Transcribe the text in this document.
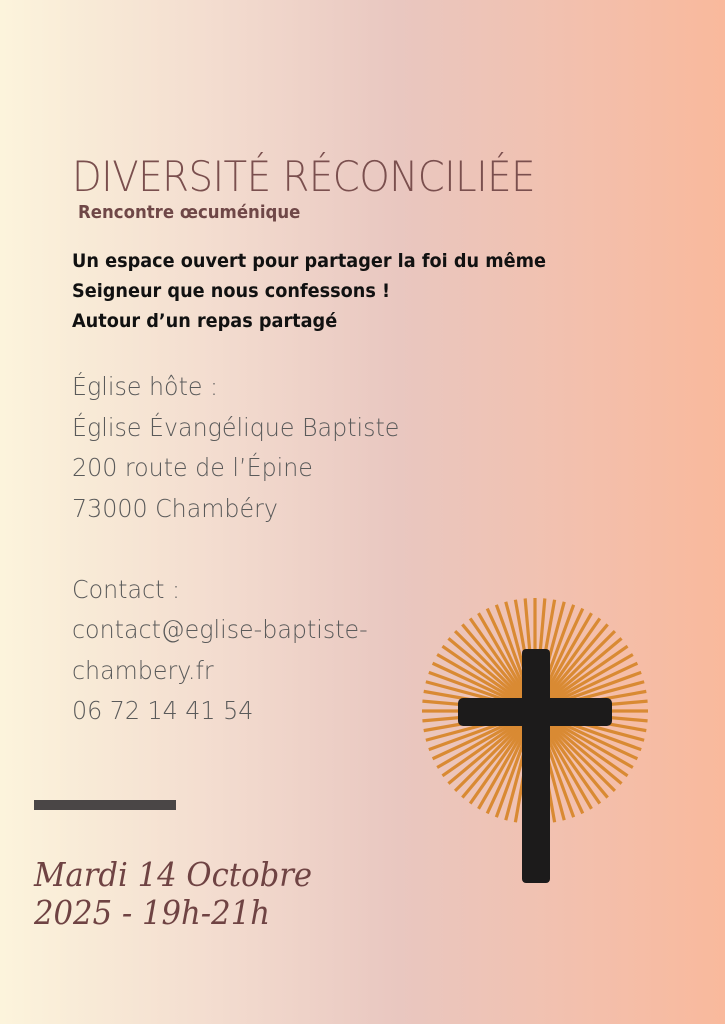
DIVERSITÉ RÉCONCILIÉE
Rencontre œcuménique
Un espace ouvert pour partager la foi du même
Seigneur que nous confessons !
Autour d’un repas partagé
Église hôte :
Église Évangélique Baptiste
200 route de l’Épine
73000 Chambéry
Contact :
contact@eglise-baptiste-
chambery.fr
06 72 14 41 54
Mardi 14 Octobre
2025 - 19h-21h
